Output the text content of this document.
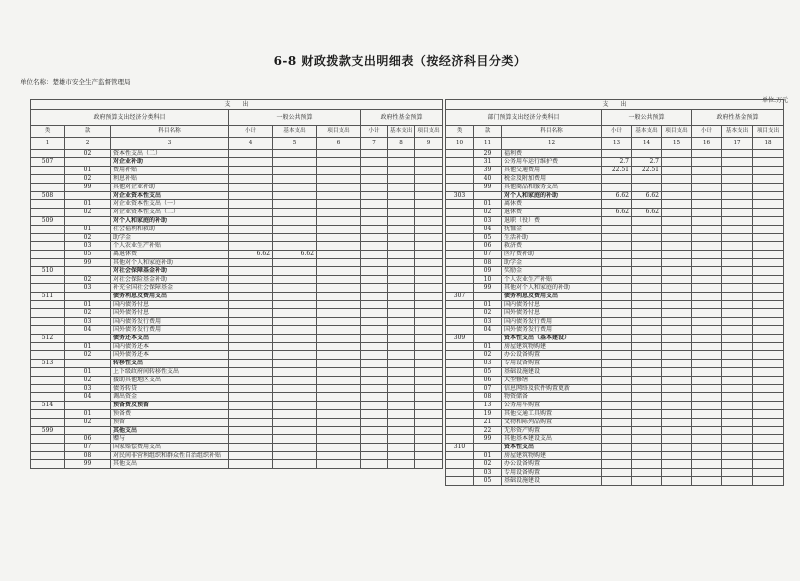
6-8 财政拨款支出明细表（按经济科目分类）
单位名称：楚雄市安全生产监督管理局
单位:万元
支　　出								
政府预算支出经济分类科目			一般公共预算			政府性基金预算		
类	款	科目名称	小计	基本支出	项目支出	小计	基本支出	项目支出
1	2	3	4	5	6	7	8	9
	02	资本性支出（二）						
507		对企业补助						
	01	费用补贴						
	02	利息补贴						
	99	其他对企业补助						
508		对企业资本性支出						
	01	对企业资本性支出（一）						
	02	对企业资本性支出（二）						
509		对个人和家庭的补助						
	01	社会福利和救助						
	02	助学金						
	03	个人农业生产补贴						
	05	离退休费	6.62	6.62				
	99	其他对个人和家庭补助						
510		对社会保障基金补助						
	02	对社会保险基金补助						
	03	补充全国社会保障基金						
511		债务利息及费用支出						
	01	国内债务付息						
	02	国外债务付息						
	03	国内债务发行费用						
	04	国外债务发行费用						
512		债务还本支出						
	01	国内债务还本						
	02	国外债务还本						
513		转移性支出						
	01	上下级政府间转移性支出						
	02	援助其他地区支出						
	03	债务转贷						
	04	调出资金						
514		预备费及预留						
	01	预备费						
	02	预留						
599		其他支出						
	06	赠与						
	07	国家赔偿费用支出						
	08	对民间非营利组织和群众性自治组织补贴						
	99	其他支出						
支　　出								
部门预算支出经济分类科目			一般公共预算			政府性基金预算		
类	款	科目名称	小计	基本支出	项目支出	小计	基本支出	项目支出
10	11	12	13	14	15	16	17	18
	29	福利费						
	31	公务用车运行维护费	2.7	2.7				
	39	其他交通费用	22.51	22.51				
	40	税金及附加费用						
	99	其他商品和服务支出						
303		对个人和家庭的补助	6.62	6.62				
	01	离休费						
	02	退休费	6.62	6.62				
	03	退职（役）费						
	04	抚恤金						
	05	生活补助						
	06	救济费						
	07	医疗费补助						
	08	助学金						
	09	奖励金						
	10	个人农业生产补贴						
	99	其他对个人和家庭的补助						
307		债务利息及费用支出						
	01	国内债务付息						
	02	国外债务付息						
	03	国内债务发行费用						
	04	国外债务发行费用						
309		资本性支出（基本建设）						
	01	房屋建筑物购建						
	02	办公设备购置						
	03	专用设备购置						
	05	基础设施建设						
	06	大型修缮						
	07	信息网络及软件购置更新						
	08	物资储备						
	13	公务用车购置						
	19	其他交通工具购置						
	21	文物和陈列品购置						
	22	无形资产购置						
	99	其他基本建设支出						
310		资本性支出						
	01	房屋建筑物购建						
	02	办公设备购置						
	03	专用设备购置						
	05	基础设施建设						
